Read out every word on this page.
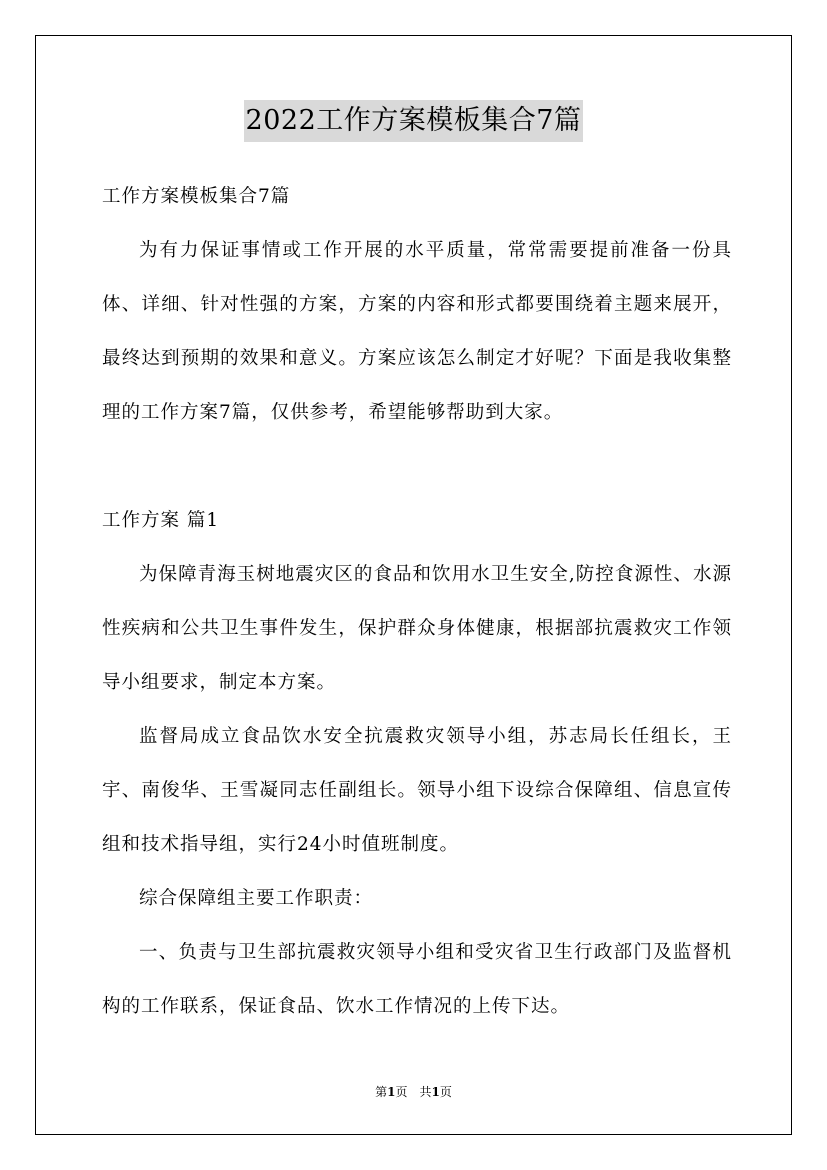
2022工作方案模板集合7篇

工作方案模板集合7篇

为有力保证事情或工作开展的水平质量，常常需要提前准备一份具体、详细、针对性强的方案，方案的内容和形式都要围绕着主题来展开，最终达到预期的效果和意义。方案应该怎么制定才好呢？下面是我收集整理的工作方案7篇，仅供参考，希望能够帮助到大家。

工作方案 篇1

为保障青海玉树地震灾区的食品和饮用水卫生安全,防控食源性、水源性疾病和公共卫生事件发生，保护群众身体健康，根据部抗震救灾工作领导小组要求，制定本方案。

监督局成立食品饮水安全抗震救灾领导小组，苏志局长任组长，王宇、南俊华、王雪凝同志任副组长。领导小组下设综合保障组、信息宣传组和技术指导组，实行24小时值班制度。

综合保障组主要工作职责：

一、负责与卫生部抗震救灾领导小组和受灾省卫生行政部门及监督机构的工作联系，保证食品、饮水工作情况的上传下达。

第1页　共1页
